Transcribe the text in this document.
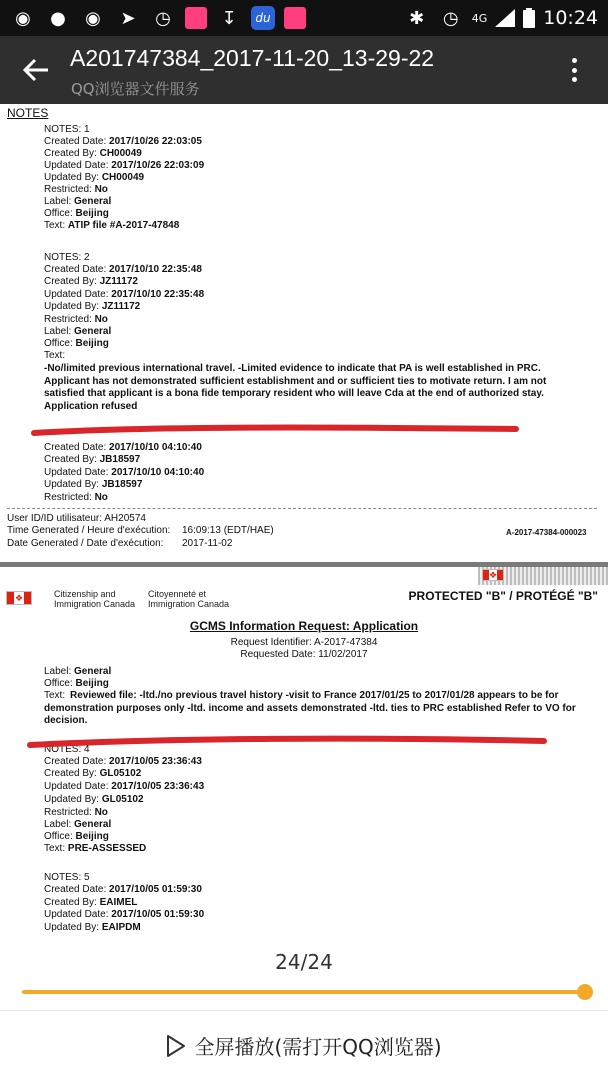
◉ ● ◉	➤	◷	↧	du	✱	◷	4G	10:24
A201747384_2017-11-20_13-29-22
QQ浏览器文件服务
NOTES
NOTES: 1
Created Date: 2017/10/26 22:03:05
Created By: CH00049
Updated Date: 2017/10/26 22:03:09
Updated By: CH00049
Restricted: No
Label: General
Office: Beijing
Text: ATIP file #A-2017-47848
NOTES: 2
Created Date: 2017/10/10 22:35:48
Created By: JZ11172
Updated Date: 2017/10/10 22:35:48
Updated By: JZ11172
Restricted: No
Label: General
Office: Beijing
Text:
-No/limited previous international travel. -Limited evidence to indicate that PA is well established in PRC. Applicant has not demonstrated sufficient establishment and or sufficient ties to motivate return. I am not satisfied that applicant is a bona fide temporary resident who will leave Cda at the end of authorized stay. Application refused
Created Date: 2017/10/10 04:10:40
Created By: JB18597
Updated Date: 2017/10/10 04:10:40
Updated By: JB18597
Restricted: No
User ID/ID utilisateur: AH20574
Time Generated / Heure d'exécution: 16:09:13 (EDT/HAE)
Date Generated / Date d'exécution: 2017-11-02
A-2017-47384-000023
❖
❖
Citizenship and Immigration Canada
Citoyenneté et Immigration Canada
PROTECTED "B" / PROTÉGÉ "B"
GCMS Information Request: Application
Request Identifier: A-2017-47384
Requested Date: 11/02/2017
Label: General
Office: Beijing
Text: Reviewed file: -ltd./no previous travel history -visit to France 2017/01/25 to 2017/01/28 appears to be for demonstration purposes only -ltd. income and assets demonstrated -ltd. ties to PRC established Refer to VO for decision.
NOTES: 4
Created Date: 2017/10/05 23:36:43
Created By: GL05102
Updated Date: 2017/10/05 23:36:43
Updated By: GL05102
Restricted: No
Label: General
Office: Beijing
Text: PRE-ASSESSED
NOTES: 5
Created Date: 2017/10/05 01:59:30
Created By: EAIMEL
Updated Date: 2017/10/05 01:59:30
Updated By: EAIPDM
24/24
全屏播放(需打开QQ浏览器)
